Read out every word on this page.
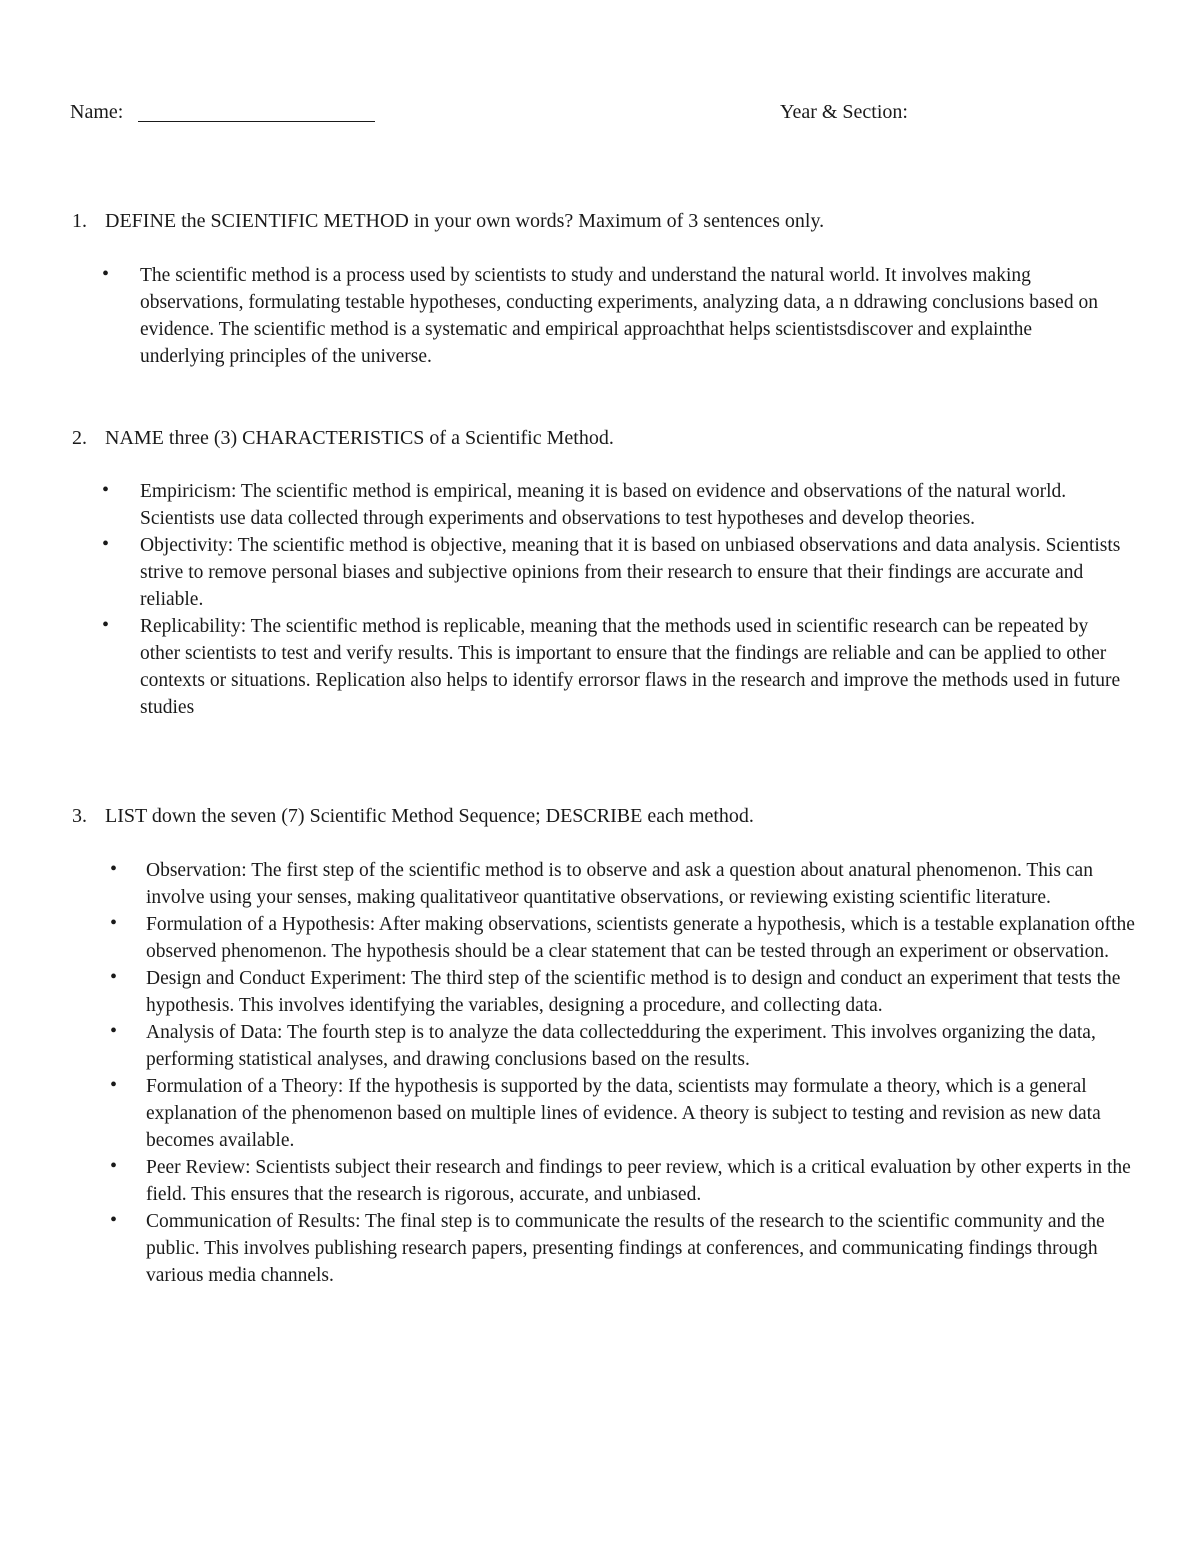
Name:	Year & Section:
1. DEFINE the SCIENTIFIC METHOD in your own words? Maximum of 3 sentences only.
• The scientific method is a process used by scientists to study and understand the natural world. It involves making observations, formulating testable hypotheses, conducting experiments, analyzing data, a n ddrawing conclusions based on evidence. The scientific method is a systematic and empirical approachthat helps scientistsdiscover and explainthe underlying principles of the universe.
2. NAME three (3) CHARACTERISTICS of a Scientific Method.
• Empiricism: The scientific method is empirical, meaning it is based on evidence and observations of the natural world. Scientists use data collected through experiments and observations to test hypotheses and develop theories.
• Objectivity: The scientific method is objective, meaning that it is based on unbiased observations and data analysis. Scientists strive to remove personal biases and subjective opinions from their research to ensure that their findings are accurate and reliable.
• Replicability: The scientific method is replicable, meaning that the methods used in scientific research can be repeated by other scientists to test and verify results. This is important to ensure that the findings are reliable and can be applied to other contexts or situations. Replication also helps to identify errorsor flaws in the research and improve the methods used in future studies
3. LIST down the seven (7) Scientific Method Sequence; DESCRIBE each method.
• Observation: The first step of the scientific method is to observe and ask a question about anatural phenomenon. This can involve using your senses, making qualitativeor quantitative observations, or reviewing existing scientific literature.
• Formulation of a Hypothesis: After making observations, scientists generate a hypothesis, which is a testable explanation ofthe observed phenomenon. The hypothesis should be a clear statement that can be tested through an experiment or observation.
• Design and Conduct Experiment: The third step of the scientific method is to design and conduct an experiment that tests the hypothesis. This involves identifying the variables, designing a procedure, and collecting data.
• Analysis of Data: The fourth step is to analyze the data collectedduring the experiment. This involves organizing the data, performing statistical analyses, and drawing conclusions based on the results.
• Formulation of a Theory: If the hypothesis is supported by the data, scientists may formulate a theory, which is a general explanation of the phenomenon based on multiple lines of evidence. A theory is subject to testing and revision as new data becomes available.
• Peer Review: Scientists subject their research and findings to peer review, which is a critical evaluation by other experts in the field. This ensures that the research is rigorous, accurate, and unbiased.
• Communication of Results: The final step is to communicate the results of the research to the scientific community and the public. This involves publishing research papers, presenting findings at conferences, and communicating findings through various media channels.
